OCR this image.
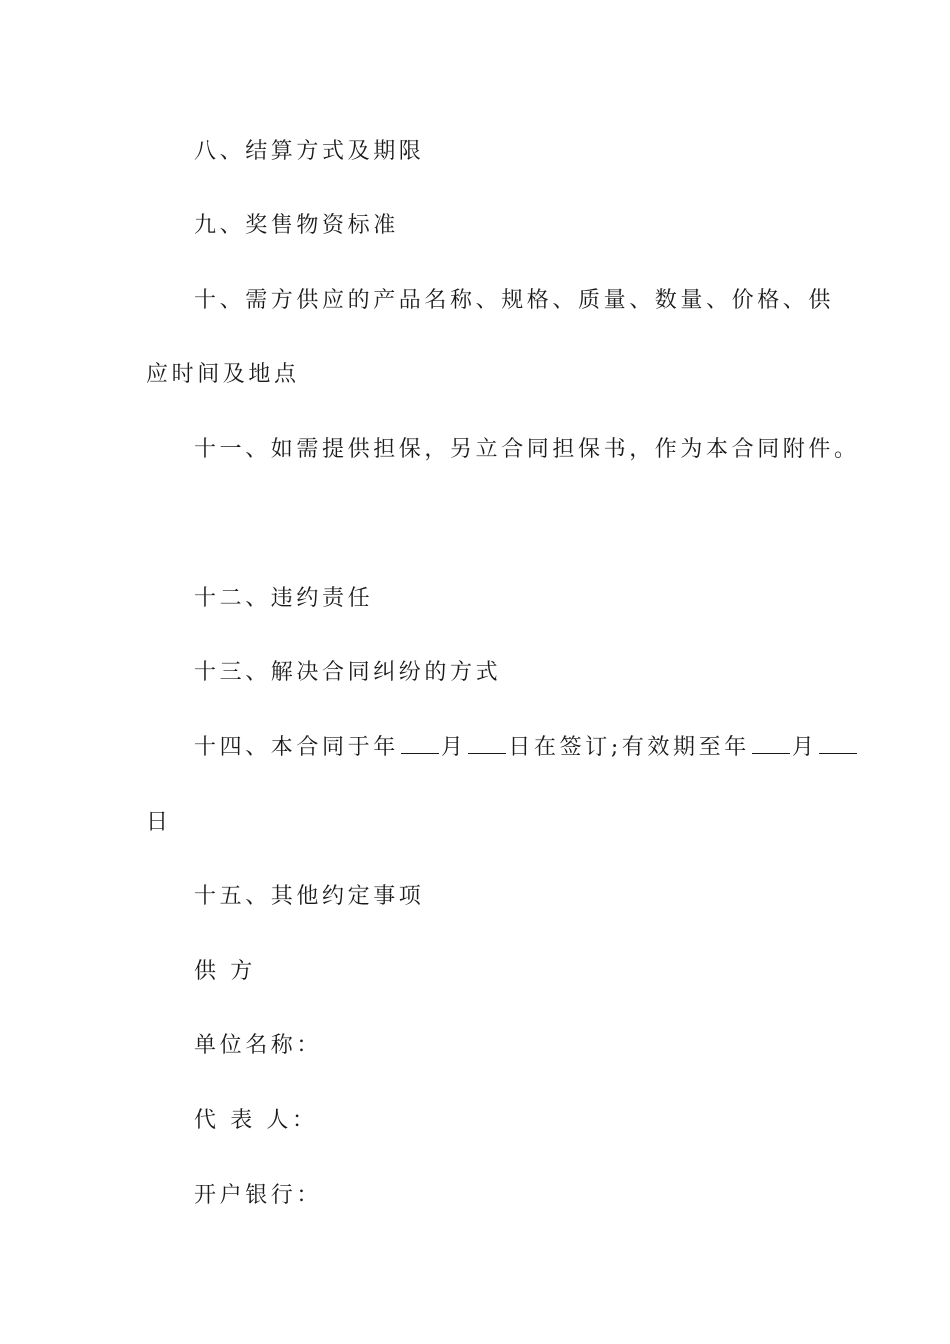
八、结算方式及期限
九、奖售物资标准
十、需方供应的产品名称、规格、质量、数量、价格、供
应时间及地点
十一、如需提供担保，另立合同担保书，作为本合同附件。
十二、违约责任
十三、解决合同纠纷的方式
十四、本合同于年 月 日在签订;有效期至年 月
日
十五、其他约定事项
供 方
单位名称：
代 表 人：
开户银行：
